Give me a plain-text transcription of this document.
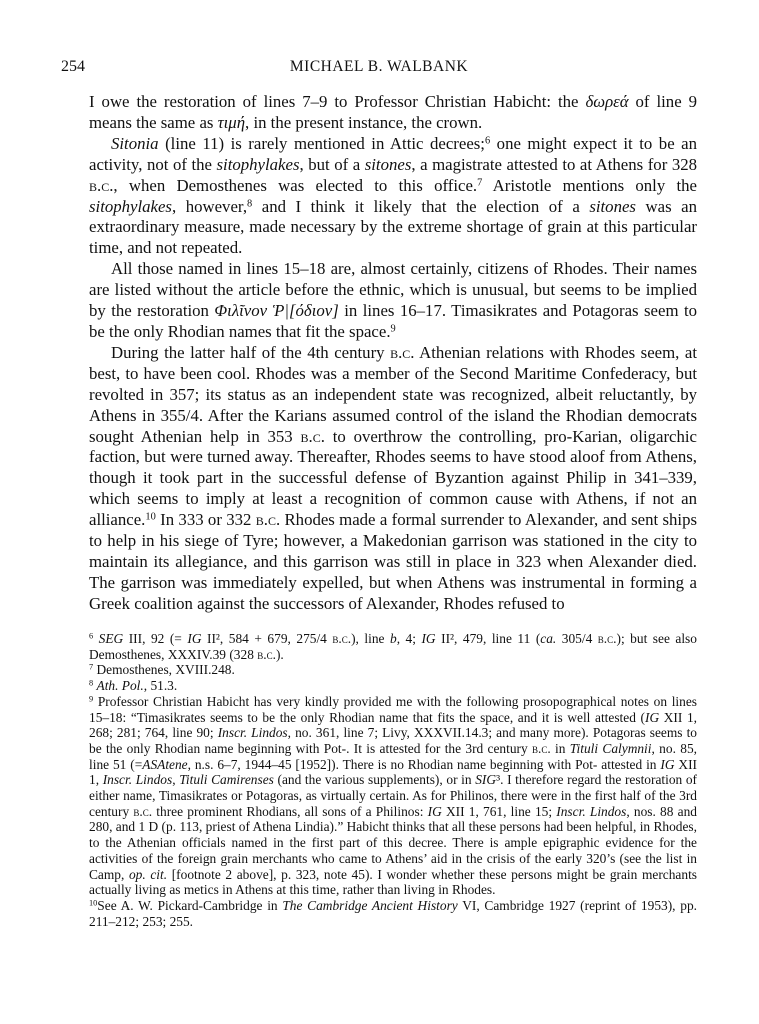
254	MICHAEL B. WALBANK

I owe the restoration of lines 7–9 to Professor Christian Habicht: the δωρεά of line 9 means the same as τιμή, in the present instance, the crown.

Sitonia (line 11) is rarely mentioned in Attic decrees;$^6$ one might expect it to be an activity, not of the sitophylakes, but of a sitones, a magistrate attested to at Athens for 328 b.c., when Demosthenes was elected to this office.$^7$ Aristotle mentions only the sitophylakes, however,$^8$ and I think it likely that the election of a sitones was an extraordinary measure, made necessary by the extreme shortage of grain at this particular time, and not repeated.

All those named in lines 15–18 are, almost certainly, citizens of Rhodes. Their names are listed without the article before the ethnic, which is unusual, but seems to be implied by the restoration Φιλῖνον Ῥ|[όδιον] in lines 16–17. Timasikrates and Potagoras seem to be the only Rhodian names that fit the space.$^9$

During the latter half of the 4th century b.c. Athenian relations with Rhodes seem, at best, to have been cool. Rhodes was a member of the Second Maritime Confederacy, but revolted in 357; its status as an independent state was recognized, albeit reluctantly, by Athens in 355/4. After the Karians assumed control of the island the Rhodian democrats sought Athenian help in 353 b.c. to overthrow the controlling, pro-Karian, oligarchic faction, but were turned away. Thereafter, Rhodes seems to have stood aloof from Athens, though it took part in the successful defense of Byzantion against Philip in 341–339, which seems to imply at least a recognition of common cause with Athens, if not an alliance.$^{10}$ In 333 or 332 b.c. Rhodes made a formal surrender to Alexander, and sent ships to help in his siege of Tyre; however, a Makedonian garrison was stationed in the city to maintain its allegiance, and this garrison was still in place in 323 when Alexander died. The garrison was immediately expelled, but when Athens was instrumental in forming a Greek coalition against the successors of Alexander, Rhodes refused to

$^6$ SEG III, 92 (= IG II², 584 + 679, 275/4 b.c.), line b, 4; IG II², 479, line 11 (ca. 305/4 b.c.); but see also Demosthenes, XXXIV.39 (328 b.c.).

$^7$ Demosthenes, XVIII.248.

$^8$ Ath. Pol., 51.3.

$^9$ Professor Christian Habicht has very kindly provided me with the following prosopographical notes on lines 15–18: “Timasikrates seems to be the only Rhodian name that fits the space, and it is well attested (IG XII 1, 268; 281; 764, line 90; Inscr. Lindos, no. 361, line 7; Livy, XXXVII.14.3; and many more). Potagoras seems to be the only Rhodian name beginning with Pot-. It is attested for the 3rd century b.c. in Tituli Calymnii, no. 85, line 51 (=ASAtene, n.s. 6–7, 1944–45 [1952]). There is no Rhodian name beginning with Pot- attested in IG XII 1, Inscr. Lindos, Tituli Camirenses (and the various supplements), or in SIG³. I therefore regard the restoration of either name, Timasikrates or Potagoras, as virtually certain. As for Philinos, there were in the first half of the 3rd century b.c. three prominent Rhodians, all sons of a Philinos: IG XII 1, 761, line 15; Inscr. Lindos, nos. 88 and 280, and 1 D (p. 113, priest of Athena Lindia).” Habicht thinks that all these persons had been helpful, in Rhodes, to the Athenian officials named in the first part of this decree. There is ample epigraphic evidence for the activities of the foreign grain merchants who came to Athens’ aid in the crisis of the early 320’s (see the list in Camp, op. cit. [footnote 2 above], p. 323, note 45). I wonder whether these persons might be grain merchants actually living as metics in Athens at this time, rather than living in Rhodes.

$^{10}$See A. W. Pickard-Cambridge in The Cambridge Ancient History VI, Cambridge 1927 (reprint of 1953), pp. 211–212; 253; 255.
